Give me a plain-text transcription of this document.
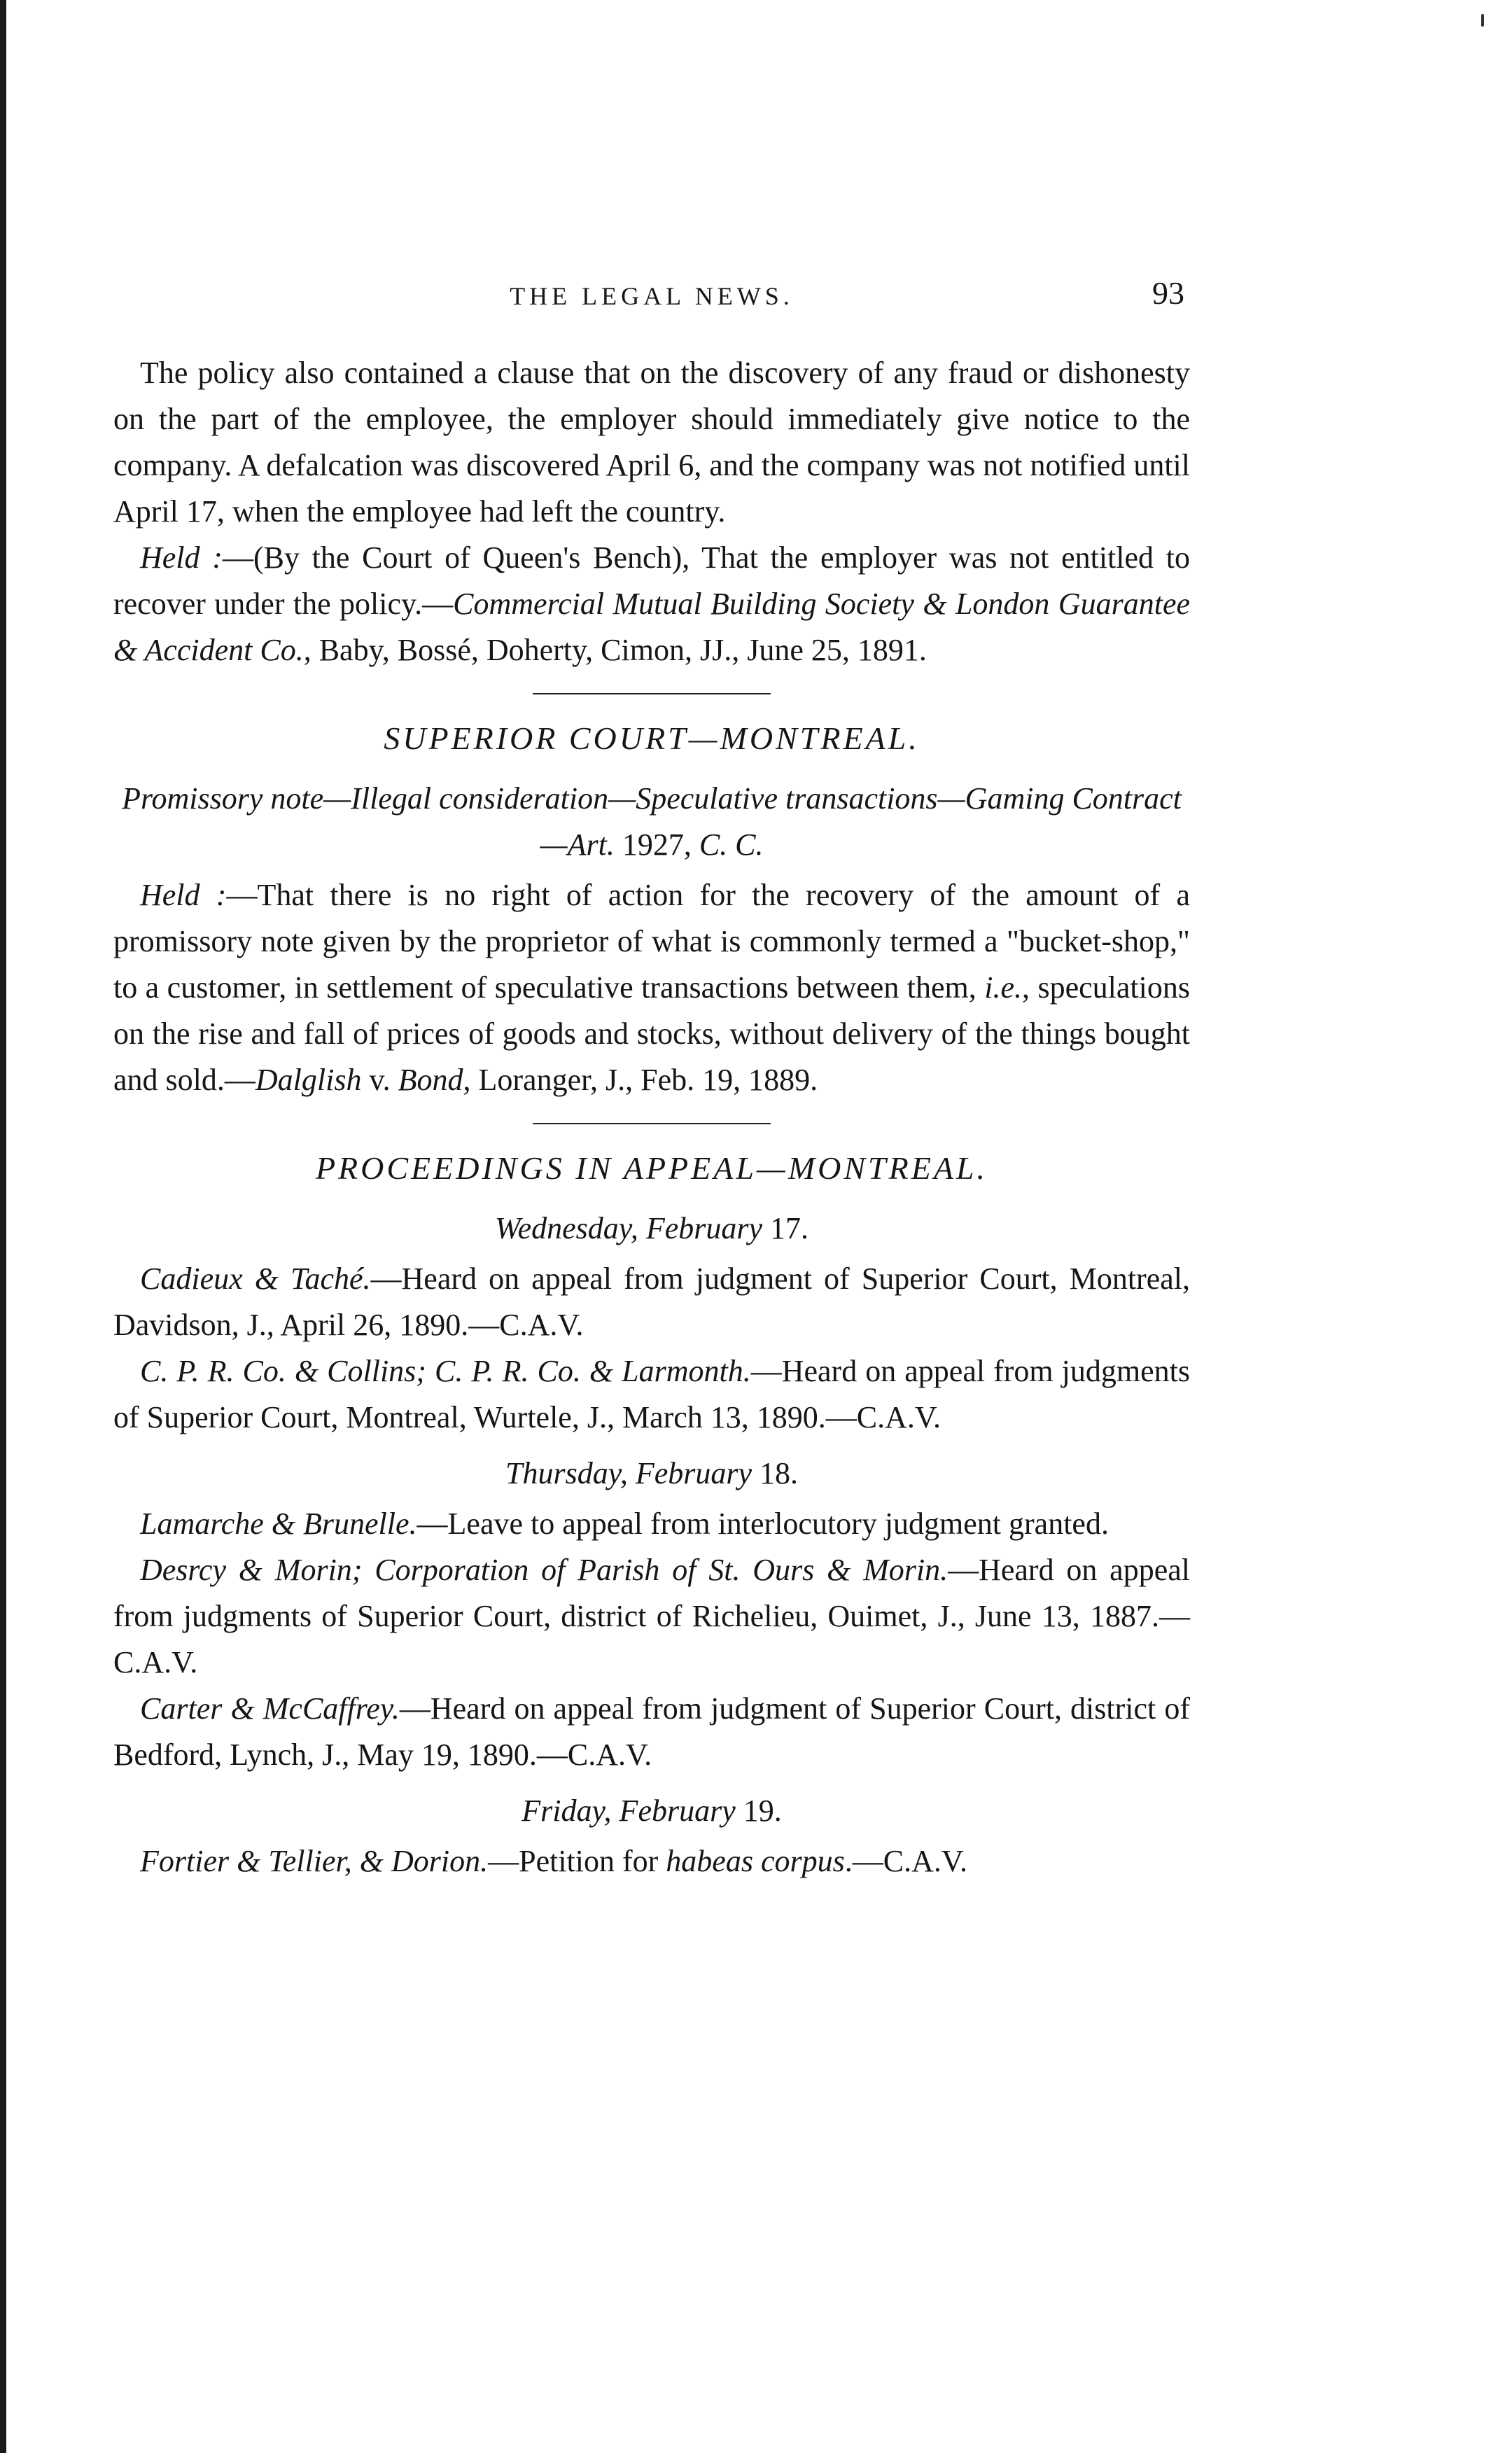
THE LEGAL NEWS.	93

The policy also contained a clause that on the discovery of any fraud or dishonesty on the part of the employee, the employer should immediately give notice to the company. A defalcation was discovered April 6, and the company was not notified until April 17, when the employee had left the country.

Held :—(By the Court of Queen's Bench), That the employer was not entitled to recover under the policy.—Commercial Mutual Building Society & London Guarantee & Accident Co., Baby, Bossé, Doherty, Cimon, JJ., June 25, 1891.

SUPERIOR COURT—MONTREAL.

Promissory note—Illegal consideration—Speculative transactions—Gaming Contract—Art. 1927, C. C.

Held :—That there is no right of action for the recovery of the amount of a promissory note given by the proprietor of what is commonly termed a "bucket-shop," to a customer, in settlement of speculative transactions between them, i.e., speculations on the rise and fall of prices of goods and stocks, without delivery of the things bought and sold.—Dalglish v. Bond, Loranger, J., Feb. 19, 1889.

PROCEEDINGS IN APPEAL—MONTREAL.

Wednesday, February 17.

Cadieux & Taché.—Heard on appeal from judgment of Superior Court, Montreal, Davidson, J., April 26, 1890.—C.A.V.

C. P. R. Co. & Collins; C. P. R. Co. & Larmonth.—Heard on appeal from judgments of Superior Court, Montreal, Wurtele, J., March 13, 1890.—C.A.V.

Thursday, February 18.

Lamarche & Brunelle.—Leave to appeal from interlocutory judgment granted.

Desrcy & Morin; Corporation of Parish of St. Ours & Morin.—Heard on appeal from judgments of Superior Court, district of Richelieu, Ouimet, J., June 13, 1887.—C.A.V.

Carter & McCaffrey.—Heard on appeal from judgment of Superior Court, district of Bedford, Lynch, J., May 19, 1890.—C.A.V.

Friday, February 19.

Fortier & Tellier, & Dorion.—Petition for habeas corpus.—C.A.V.
